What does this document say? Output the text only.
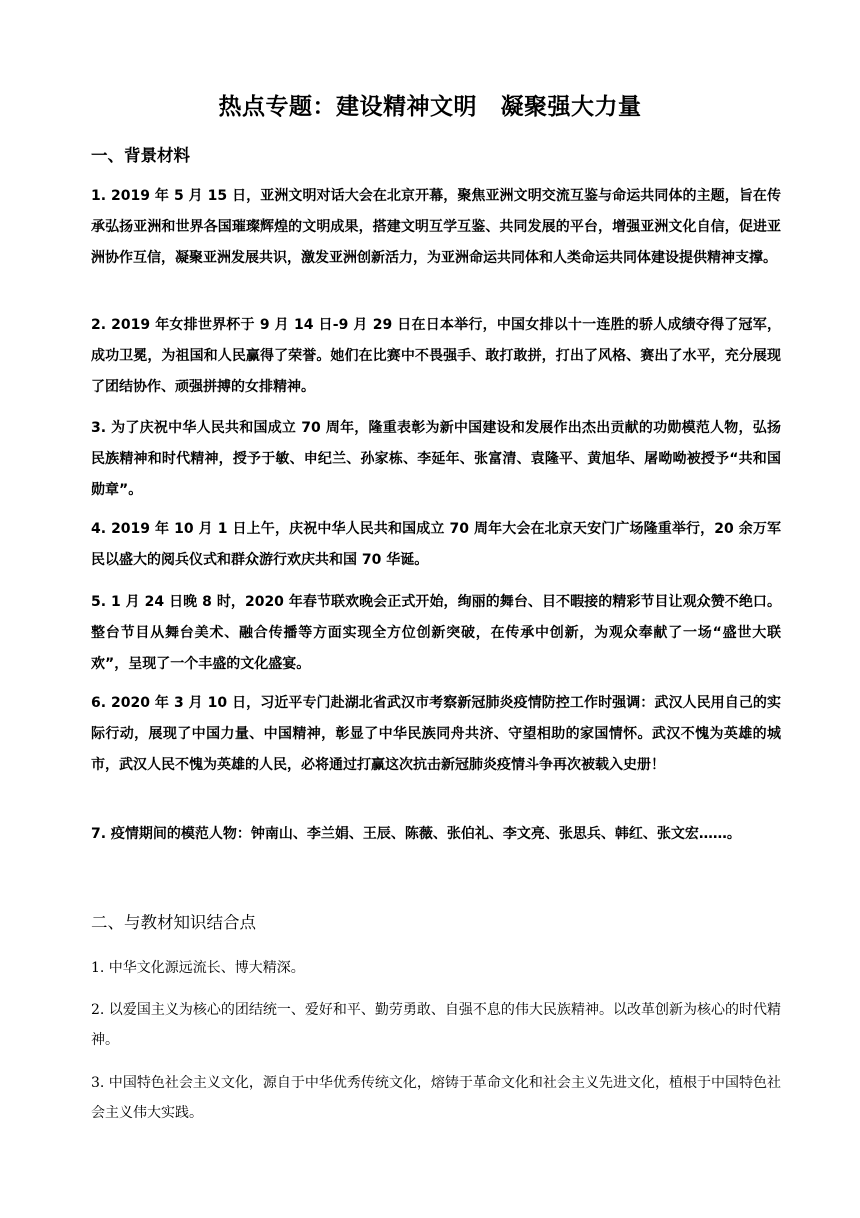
热点专题：建设精神文明　凝聚强大力量
一、背景材料
1. 2019 年 5 月 15 日，亚洲文明对话大会在北京开幕，聚焦亚洲文明交流互鉴与命运共同体的主题，旨在传承弘扬亚洲和世界各国璀璨辉煌的文明成果，搭建文明互学互鉴、共同发展的平台，增强亚洲文化自信，促进亚洲协作互信，凝聚亚洲发展共识，激发亚洲创新活力，为亚洲命运共同体和人类命运共同体建设提供精神支撑。
2. 2019 年女排世界杯于 9 月 14 日-9 月 29 日在日本举行，中国女排以十一连胜的骄人成绩夺得了冠军，成功卫冕，为祖国和人民赢得了荣誉。她们在比赛中不畏强手、敢打敢拼，打出了风格、赛出了水平，充分展现了团结协作、顽强拼搏的女排精神。
3. 为了庆祝中华人民共和国成立 70 周年，隆重表彰为新中国建设和发展作出杰出贡献的功勋模范人物，弘扬民族精神和时代精神，授予于敏、申纪兰、孙家栋、李延年、张富清、袁隆平、黄旭华、屠呦呦被授予“共和国勋章”。
4. 2019 年 10 月 1 日上午，庆祝中华人民共和国成立 70 周年大会在北京天安门广场隆重举行，20 余万军民以盛大的阅兵仪式和群众游行欢庆共和国 70 华诞。
5. 1 月 24 日晚 8 时，2020 年春节联欢晚会正式开始，绚丽的舞台、目不暇接的精彩节目让观众赞不绝口。整台节目从舞台美术、融合传播等方面实现全方位创新突破，在传承中创新，为观众奉献了一场“盛世大联欢”，呈现了一个丰盛的文化盛宴。
6. 2020 年 3 月 10 日，习近平专门赴湖北省武汉市考察新冠肺炎疫情防控工作时强调：武汉人民用自己的实际行动，展现了中国力量、中国精神，彰显了中华民族同舟共济、守望相助的家国情怀。武汉不愧为英雄的城市，武汉人民不愧为英雄的人民，必将通过打赢这次抗击新冠肺炎疫情斗争再次被载入史册！
7. 疫情期间的模范人物：钟南山、李兰娟、王辰、陈薇、张伯礼、李文亮、张思兵、韩红、张文宏……。
二、与教材知识结合点
1. 中华文化源远流长、博大精深。
2. 以爱国主义为核心的团结统一、爱好和平、勤劳勇敢、自强不息的伟大民族精神。以改革创新为核心的时代精神。
3. 中国特色社会主义文化，源自于中华优秀传统文化，熔铸于革命文化和社会主义先进文化，植根于中国特色社会主义伟大实践。
